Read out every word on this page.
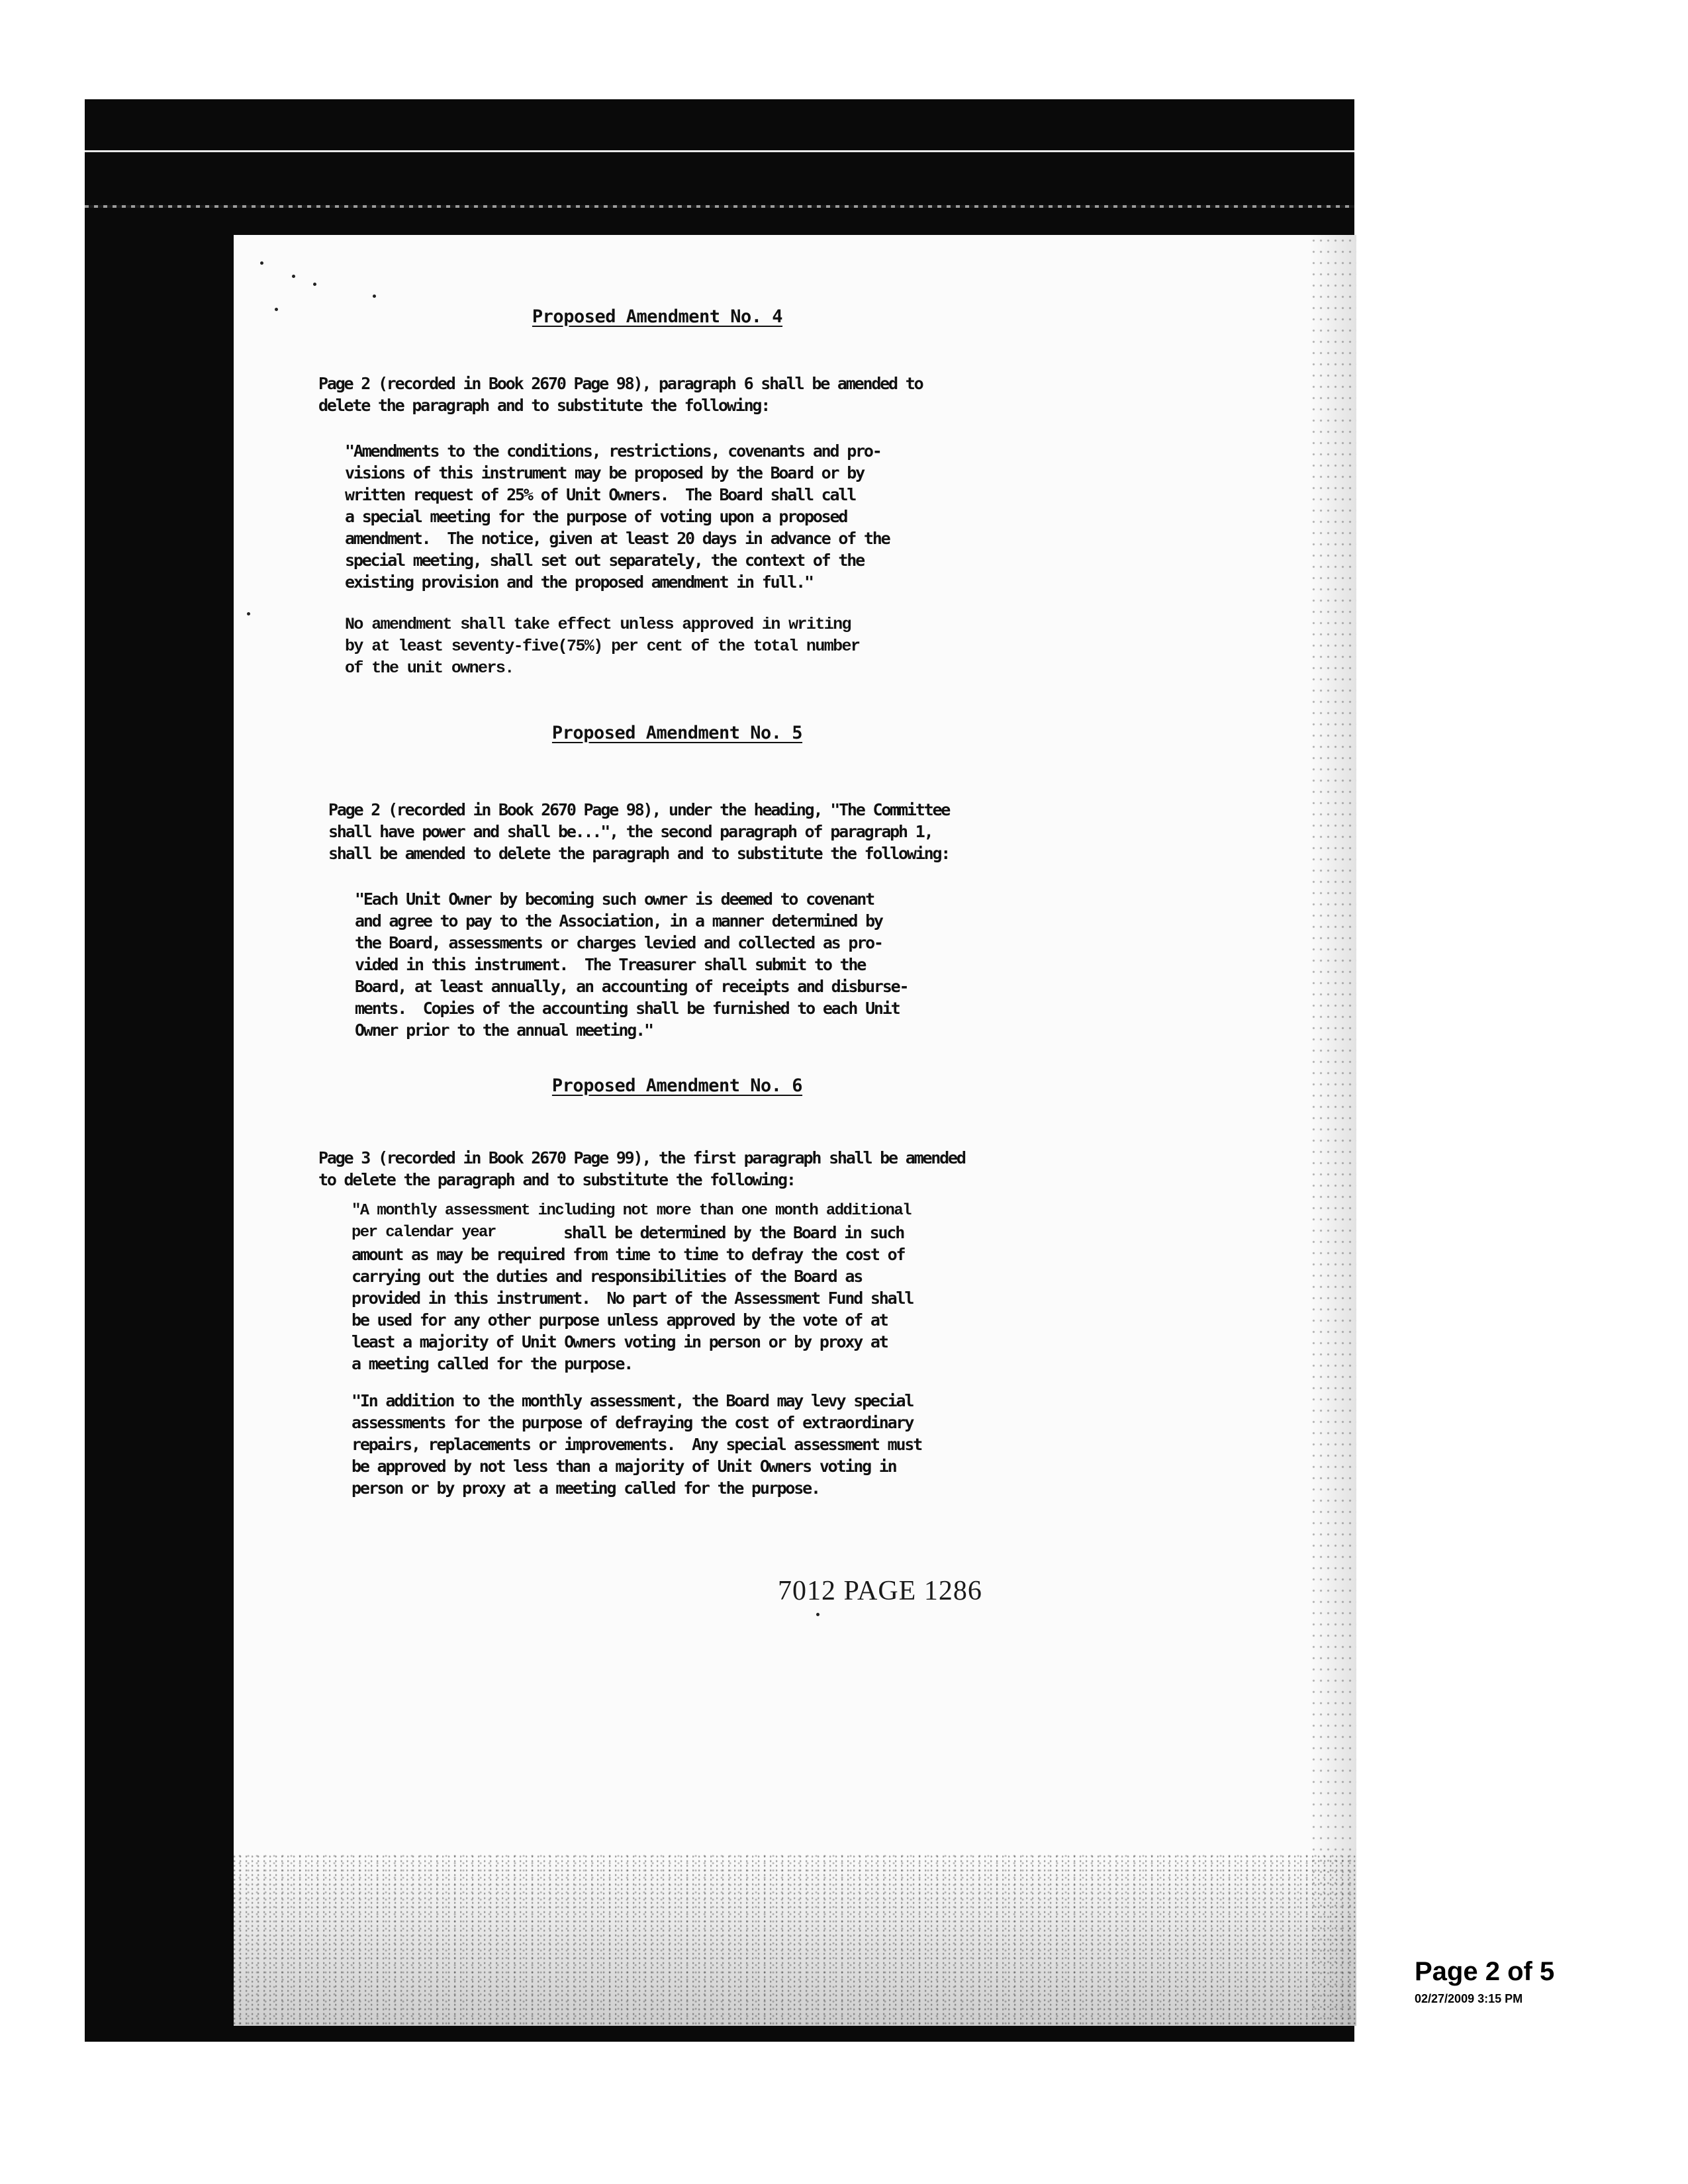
Proposed Amendment No. 4
Page 2 (recorded in Book 2670 Page 98), paragraph 6 shall be amended to
delete the paragraph and to substitute the following:
"Amendments to the conditions, restrictions, covenants and pro-
visions of this instrument may be proposed by the Board or by
written request of 25% of Unit Owners.  The Board shall call
a special meeting for the purpose of voting upon a proposed
amendment.  The notice, given at least 20 days in advance of the
special meeting, shall set out separately, the context of the
existing provision and the proposed amendment in full."
No amendment shall take effect unless approved in writing
by at least seventy-five(75%) per cent of the total number
of the unit owners.
Proposed Amendment No. 5
Page 2 (recorded in Book 2670 Page 98), under the heading, "The Committee
shall have power and shall be...", the second paragraph of paragraph 1,
shall be amended to delete the paragraph and to substitute the following:
"Each Unit Owner by becoming such owner is deemed to covenant
and agree to pay to the Association, in a manner determined by
the Board, assessments or charges levied and collected as pro-
vided in this instrument.  The Treasurer shall submit to the
Board, at least annually, an accounting of receipts and disburse-
ments.  Copies of the accounting shall be furnished to each Unit
Owner prior to the annual meeting."
Proposed Amendment No. 6
Page 3 (recorded in Book 2670 Page 99), the first paragraph shall be amended
to delete the paragraph and to substitute the following:
"A monthly assessment including not more than one month additional
per calendar year	shall be determined by the Board in such
amount as may be required from time to time to defray the cost of
carrying out the duties and responsibilities of the Board as
provided in this instrument.  No part of the Assessment Fund shall
be used for any other purpose unless approved by the vote of at
least a majority of Unit Owners voting in person or by proxy at
a meeting called for the purpose.
"In addition to the monthly assessment, the Board may levy special
assessments for the purpose of defraying the cost of extraordinary
repairs, replacements or improvements.  Any special assessment must
be approved by not less than a majority of Unit Owners voting in
person or by proxy at a meeting called for the purpose.
7012 PAGE 1286
Page 2 of 5
02/27/2009 3:15 PM
